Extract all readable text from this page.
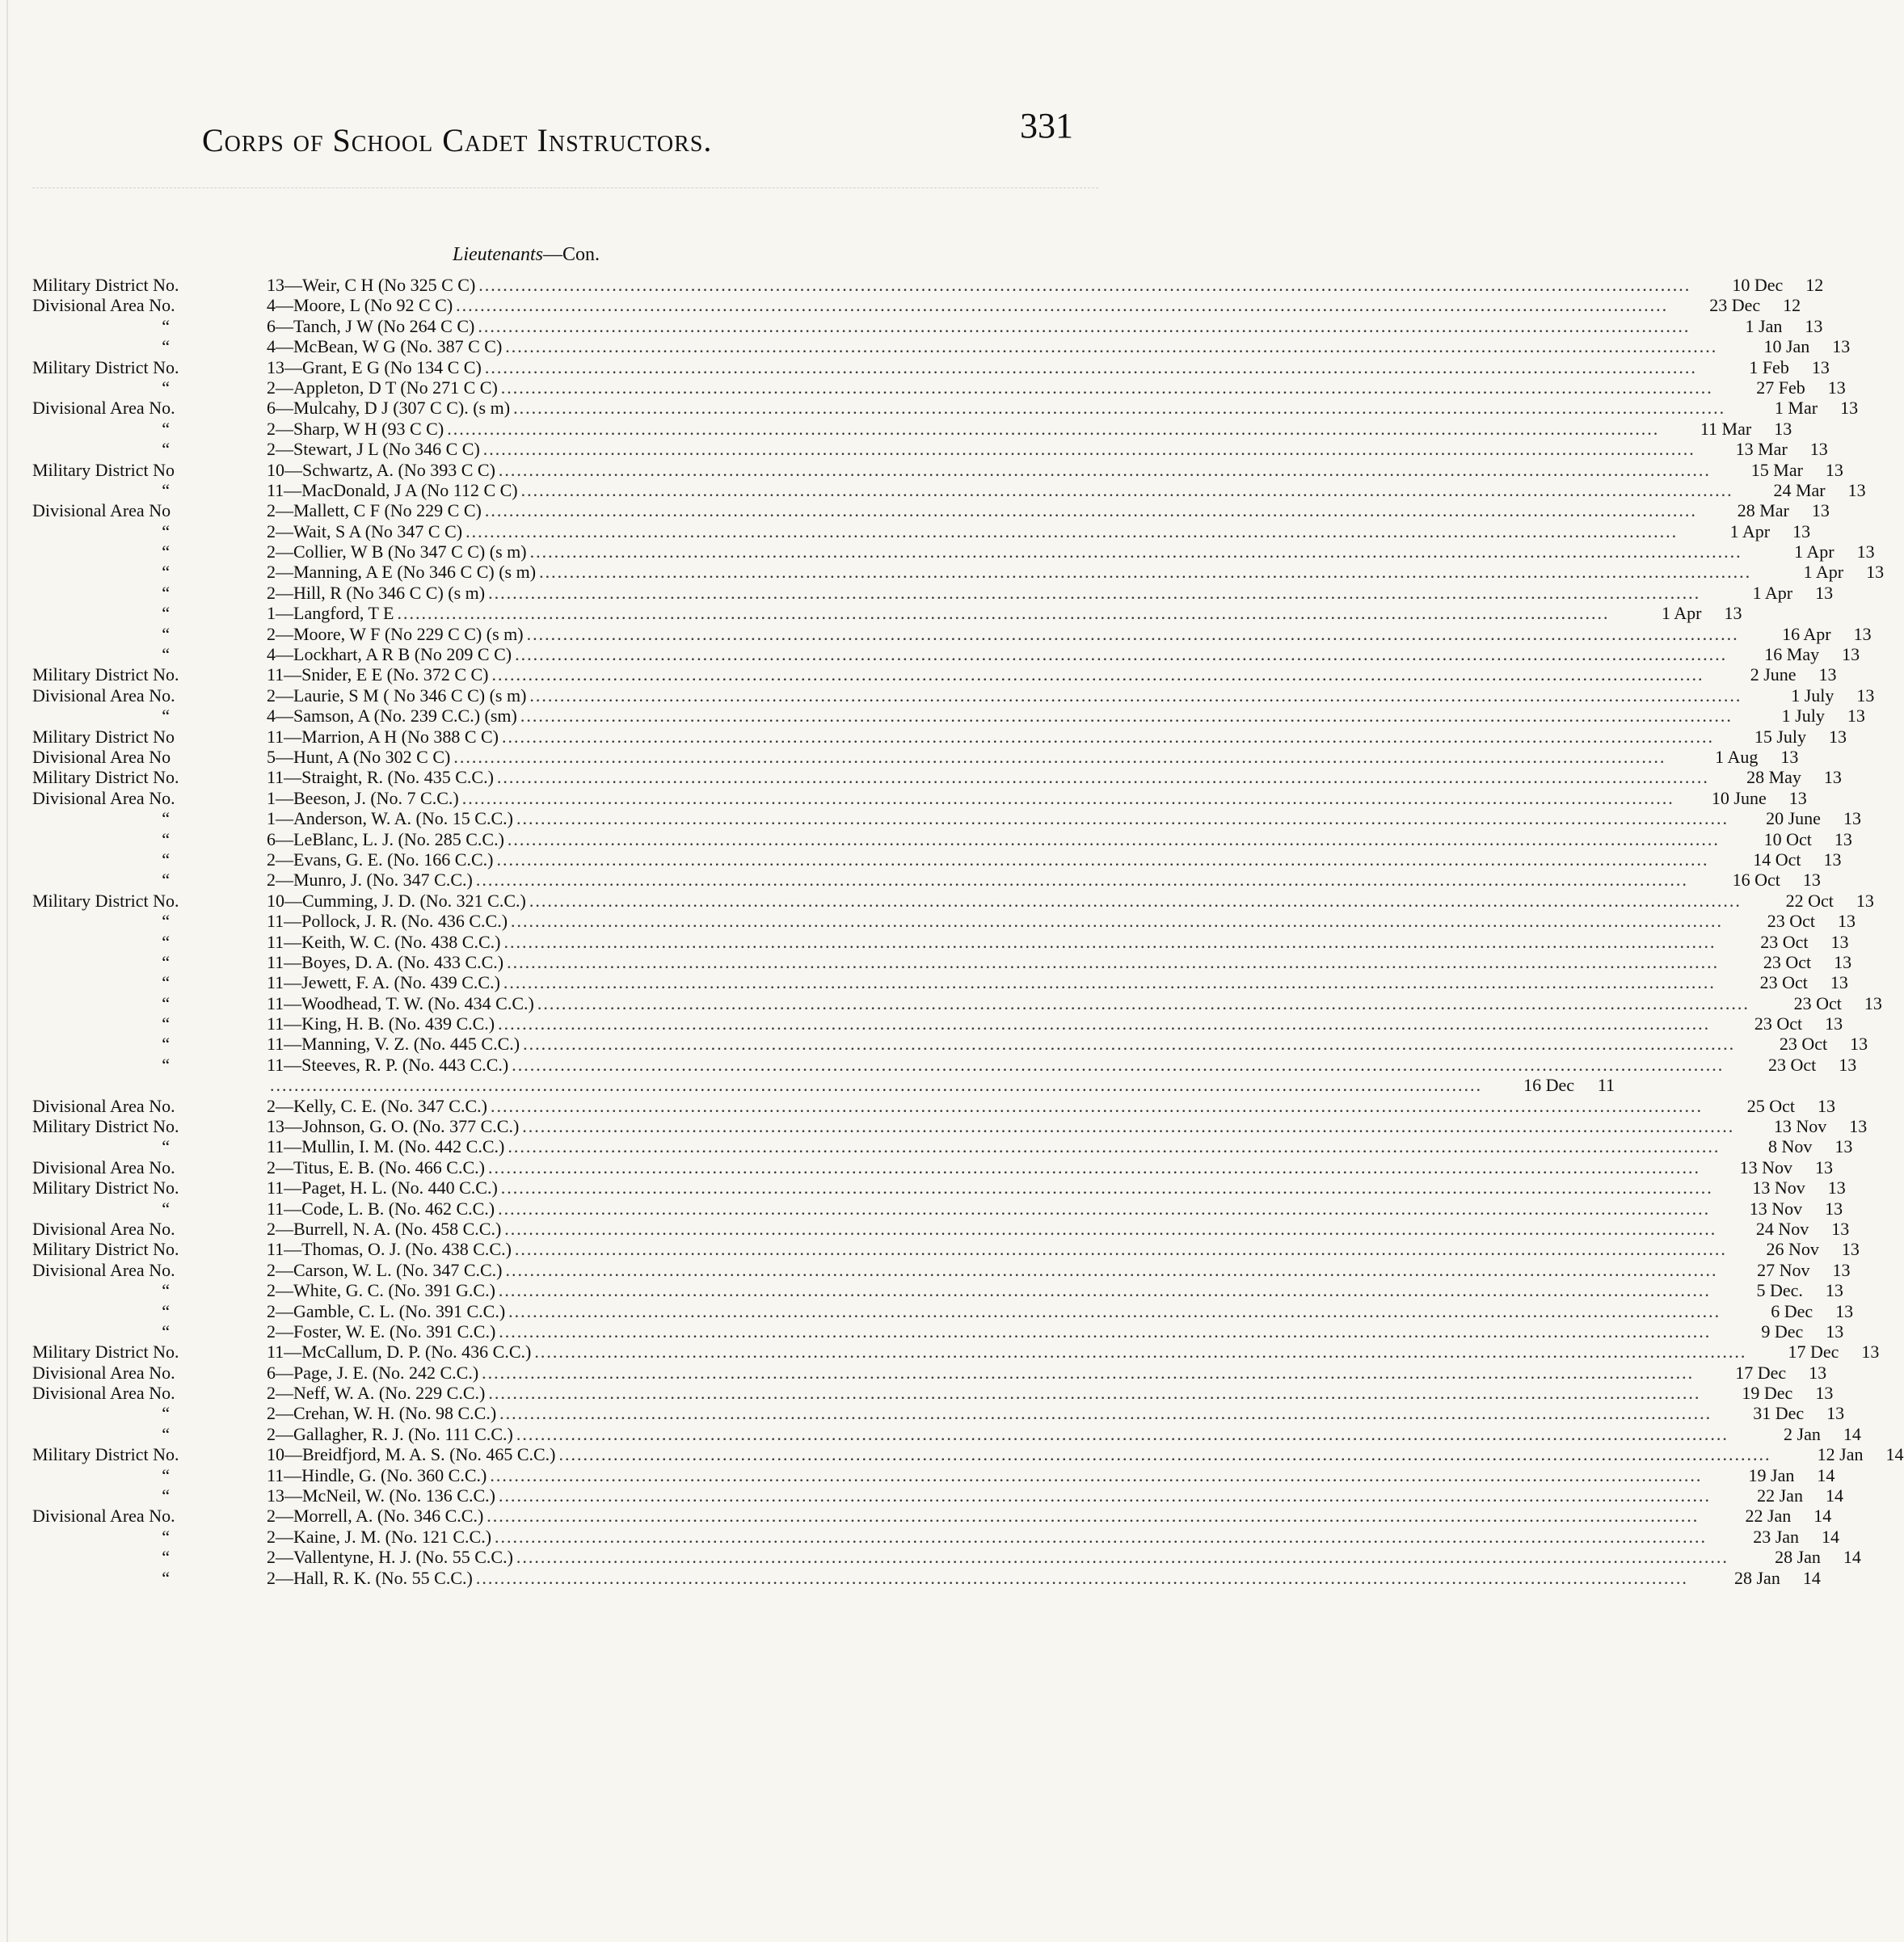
Corps of School Cadet Instructors.	331
Lieutenants—Con.
Military District No.	13—Weir, C H (No 325 C C) .....	10 Dec	12
Divisional Area No.	4—Moore, L (No 92 C C) .....	23 Dec	12
“	6—Tanch, J W (No 264 C C) .....	1 Jan	13
“	4—McBean, W G (No. 387 C C) .....	10 Jan	13
Military District No.	13—Grant, E G (No 134 C C) .....	1 Feb	13
“	2—Appleton, D T (No 271 C C) .....	27 Feb	13
Divisional Area No.	6—Mulcahy, D J (307 C C). (s m) .....	1 Mar	13
“	2—Sharp, W H (93 C C) .....	11 Mar	13
“	2—Stewart, J L (No 346 C C) .....	13 Mar	13
Military District No	10—Schwartz, A. (No 393 C C) .....	15 Mar	13
“	11—MacDonald, J A (No 112 C C) .....	24 Mar	13
Divisional Area No	2—Mallett, C F (No 229 C C) .....	28 Mar	13
“	2—Wait, S A (No 347 C C) .....	1 Apr	13
“	2—Collier, W B (No 347 C C) (s m) .....	1 Apr	13
“	2—Manning, A E (No 346 C C) (s m) .....	1 Apr	13
“	2—Hill, R (No 346 C C) (s m) .....	1 Apr	13
“	1—Langford, T E .....	1 Apr	13
“	2—Moore, W F (No 229 C C) (s m) .....	16 Apr	13
“	4—Lockhart, A R B (No 209 C C) .....	16 May	13
Military District No.	11—Snider, E E (No. 372 C C) .....	2 June	13
Divisional Area No.	2—Laurie, S M ( No 346 C C) (s m) .....	1 July	13
“	4—Samson, A (No. 239 C.C.) (sm) .....	1 July	13
Military District No	11—Marrion, A H (No 388 C C) .....	15 July	13
Divisional Area No	5—Hunt, A (No 302 C C) .....	1 Aug	13
Military District No.	11—Straight, R. (No. 435 C.C.) .....	28 May	13
Divisional Area No.	1—Beeson, J. (No. 7 C.C.) .....	10 June	13
“	1—Anderson, W. A. (No. 15 C.C.) .....	20 June	13
“	6—LeBlanc, L. J. (No. 285 C.C.) .....	10 Oct	13
“	2—Evans, G. E. (No. 166 C.C.) .....	14 Oct	13
“	2—Munro, J. (No. 347 C.C.) .....	16 Oct	13
Military District No.	10—Cumming, J. D. (No. 321 C.C.) .....	22 Oct	13
“	11—Pollock, J. R. (No. 436 C.C.) .....	23 Oct	13
“	11—Keith, W. C. (No. 438 C.C.) .....	23 Oct	13
“	11—Boyes, D. A. (No. 433 C.C.) .....	23 Oct	13
“	11—Jewett, F. A. (No. 439 C.C.) .....	23 Oct	13
“	11—Woodhead, T. W. (No. 434 C.C.) .....	23 Oct	13
“	11—King, H. B. (No. 439 C.C.) .....	23 Oct	13
“	11—Manning, V. Z. (No. 445 C.C.) .....	23 Oct	13
“	11—Steeves, R. P. (No. 443 C.C.) .....	23 Oct	13
.....
16 Dec	11
Divisional Area No.	2—Kelly, C. E. (No. 347 C.C.) .....	25 Oct	13
Military District No.	13—Johnson, G. O. (No. 377 C.C.) .....	13 Nov	13
“	11—Mullin, I. M. (No. 442 C.C.) .....	8 Nov	13
Divisional Area No.	2—Titus, E. B. (No. 466 C.C.) .....	13 Nov	13
Military District No.	11—Paget, H. L. (No. 440 C.C.) .....	13 Nov	13
“	11—Code, L. B. (No. 462 C.C.) .....	13 Nov	13
Divisional Area No.	2—Burrell, N. A. (No. 458 C.C.) .....	24 Nov	13
Military District No.	11—Thomas, O. J. (No. 438 C.C.) .....	26 Nov	13
Divisional Area No.	2—Carson, W. L. (No. 347 C.C.) .....	27 Nov	13
“	2—White, G. C. (No. 391 G.C.) .....	5 Dec.	13
“	2—Gamble, C. L. (No. 391 C.C.) .....	6 Dec	13
“	2—Foster, W. E. (No. 391 C.C.) .....	9 Dec	13
Military District No.	11—McCallum, D. P. (No. 436 C.C.) .....	17 Dec	13
Divisional Area No.	6—Page, J. E. (No. 242 C.C.) .....	17 Dec	13
Divisional Area No.	2—Neff, W. A. (No. 229 C.C.) .....	19 Dec	13
“	2—Crehan, W. H. (No. 98 C.C.) .....	31 Dec	13
“	2—Gallagher, R. J. (No. 111 C.C.) .....	2 Jan	14
Military District No.	10—Breidfjord, M. A. S. (No. 465 C.C.) .....	12 Jan	14
“	11—Hindle, G. (No. 360 C.C.) .....	19 Jan	14
“	13—McNeil, W. (No. 136 C.C.) .....	22 Jan	14
Divisional Area No.	2—Morrell, A. (No. 346 C.C.) .....	22 Jan	14
“	2—Kaine, J. M. (No. 121 C.C.) .....	23 Jan	14
“	2—Vallentyne, H. J. (No. 55 C.C.) .....	28 Jan	14
“	2—Hall, R. K. (No. 55 C.C.) .....	28 Jan	14
